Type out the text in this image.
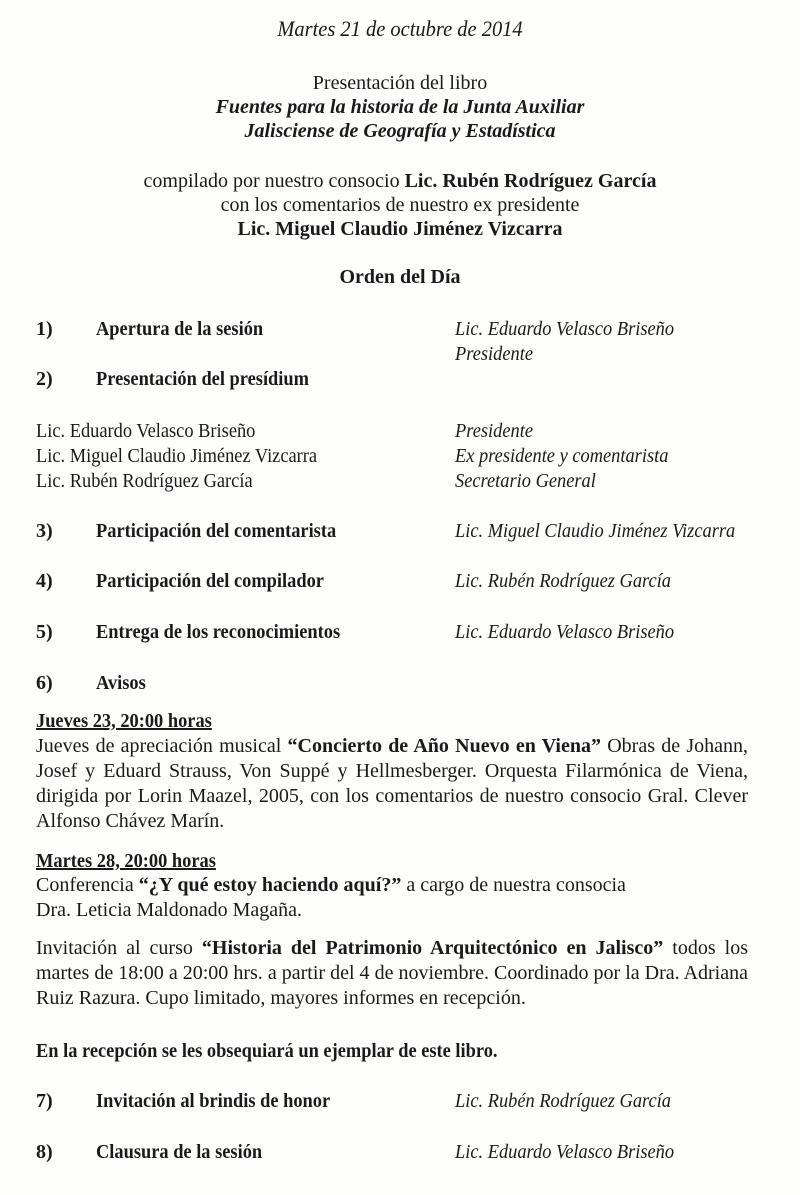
Martes 21 de octubre de 2014
Presentación del libro
Fuentes para la historia de la Junta Auxiliar
Jalisciense de Geografía y Estadística
compilado por nuestro consocio Lic. Rubén Rodríguez García
con los comentarios de nuestro ex presidente
Lic. Miguel Claudio Jiménez Vizcarra
Orden del Día
1) Apertura de la sesión	Lic. Eduardo Velasco Briseño
Presidente
2) Presentación del presídium
Lic. Eduardo Velasco Briseño	Presidente
Lic. Miguel Claudio Jiménez Vizcarra	Ex presidente y comentarista
Lic. Rubén Rodríguez García	Secretario General
3) Participación del comentarista	Lic. Miguel Claudio Jiménez Vizcarra
4) Participación del compilador	Lic. Rubén Rodríguez García
5) Entrega de los reconocimientos	Lic. Eduardo Velasco Briseño
6) Avisos
Jueves 23, 20:00 horas
Jueves de apreciación musical “Concierto de Año Nuevo en Viena” Obras de Johann, Josef y Eduard Strauss, Von Suppé y Hellmesberger. Orquesta Filarmónica de Viena, dirigida por Lorin Maazel, 2005, con los comentarios de nuestro consocio Gral. Clever Alfonso Chávez Marín.
Martes 28, 20:00 horas
Conferencia “¿Y qué estoy haciendo aquí?” a cargo de nuestra consocia
Dra. Leticia Maldonado Magaña.
Invitación al curso “Historia del Patrimonio Arquitectónico en Jalisco” todos los martes de 18:00 a 20:00 hrs. a partir del 4 de noviembre. Coordinado por la Dra. Adriana Ruiz Razura. Cupo limitado, mayores informes en recepción.
En la recepción se les obsequiará un ejemplar de este libro.
7) Invitación al brindis de honor	Lic. Rubén Rodríguez García
8) Clausura de la sesión	Lic. Eduardo Velasco Briseño
